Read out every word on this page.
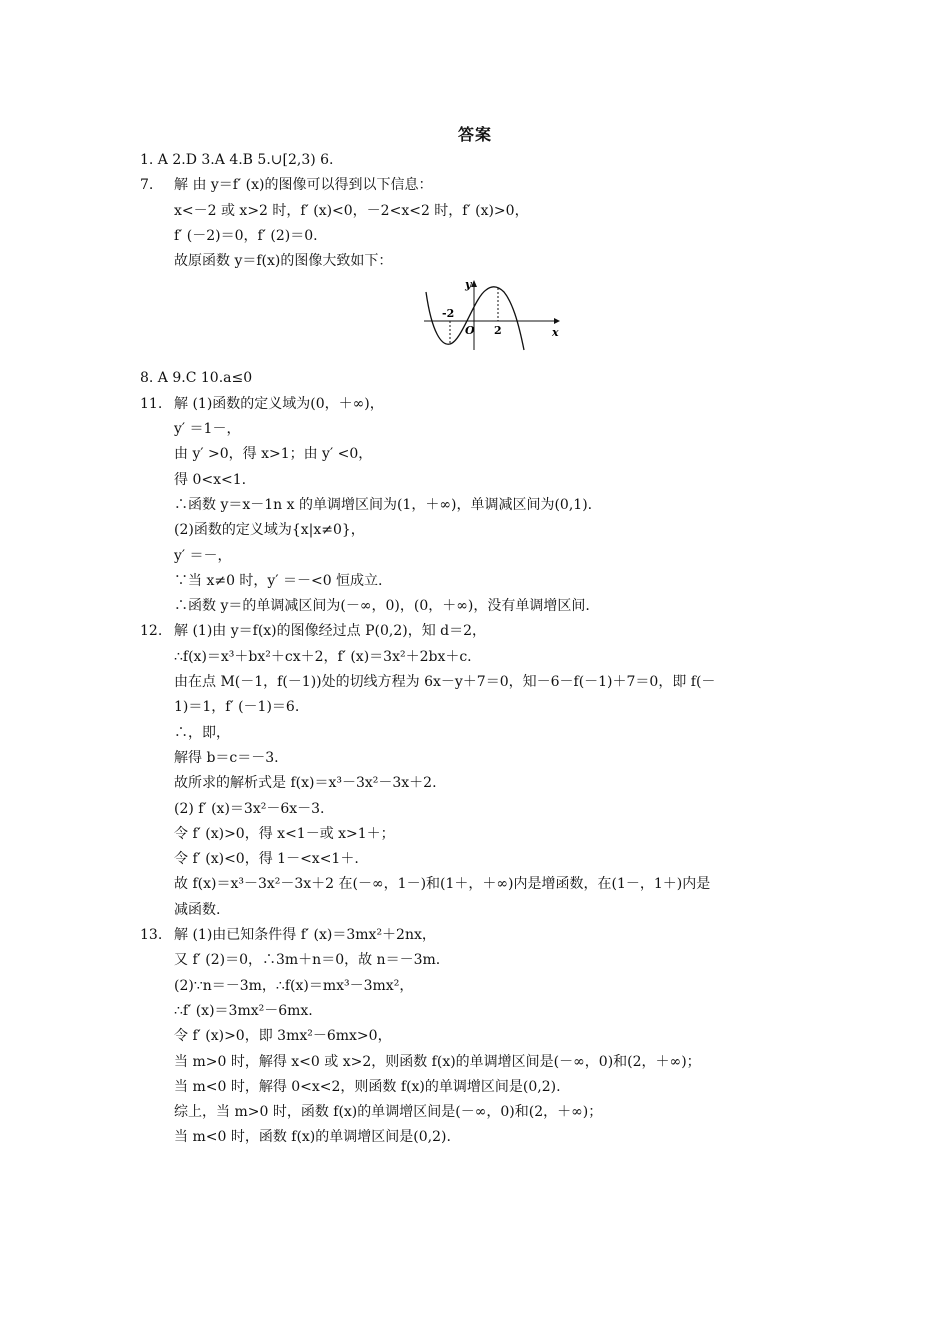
答案
1. A 2.D 3.A 4.B 5.∪[2,3) 6.
7. 解 由 y＝f′ (x)的图像可以得到以下信息：
x<－2 或 x>2 时，f′ (x)<0，－2<x<2 时，f′ (x)>0，
f′ (－2)＝0，f′ (2)＝0.
故原函数 y＝f(x)的图像大致如下：
y
x
O
-2
2
8. A 9.C 10.a≤0
11. 解 (1)函数的定义域为(0，＋∞)，
y′ ＝1－，
由 y′ >0，得 x>1；由 y′ <0，
得 0<x<1.
∴函数 y＝x－1n x 的单调增区间为(1，＋∞)，单调减区间为(0,1).
(2)函数的定义域为{x|x≠0}，
y′ ＝－，
∵当 x≠0 时，y′ ＝－<0 恒成立.
∴函数 y＝的单调减区间为(－∞，0)，(0，＋∞)，没有单调增区间.
12. 解 (1)由 y＝f(x)的图像经过点 P(0,2)，知 d＝2，
∴f(x)＝x³＋bx²＋cx＋2，f′ (x)＝3x²＋2bx＋c.
由在点 M(－1，f(－1))处的切线方程为 6x－y＋7＝0，知－6－f(－1)＋7＝0，即 f(－
1)＝1，f′ (－1)＝6.
∴，即，
解得 b＝c＝－3.
故所求的解析式是 f(x)＝x³－3x²－3x＋2.
(2) f′ (x)＝3x²－6x－3.
令 f′ (x)>0，得 x<1－或 x>1＋；
令 f′ (x)<0，得 1－<x<1＋.
故 f(x)＝x³－3x²－3x＋2 在(－∞，1－)和(1＋，＋∞)内是增函数，在(1－，1＋)内是
减函数.
13. 解 (1)由已知条件得 f′ (x)＝3mx²＋2nx，
又 f′ (2)＝0，∴3m＋n＝0，故 n＝－3m.
(2)∵n＝－3m，∴f(x)＝mx³－3mx²，
∴f′ (x)＝3mx²－6mx.
令 f′ (x)>0，即 3mx²－6mx>0，
当 m>0 时，解得 x<0 或 x>2，则函数 f(x)的单调增区间是(－∞，0)和(2，＋∞)；
当 m<0 时，解得 0<x<2，则函数 f(x)的单调增区间是(0,2).
综上，当 m>0 时，函数 f(x)的单调增区间是(－∞，0)和(2，＋∞)；
当 m<0 时，函数 f(x)的单调增区间是(0,2).
